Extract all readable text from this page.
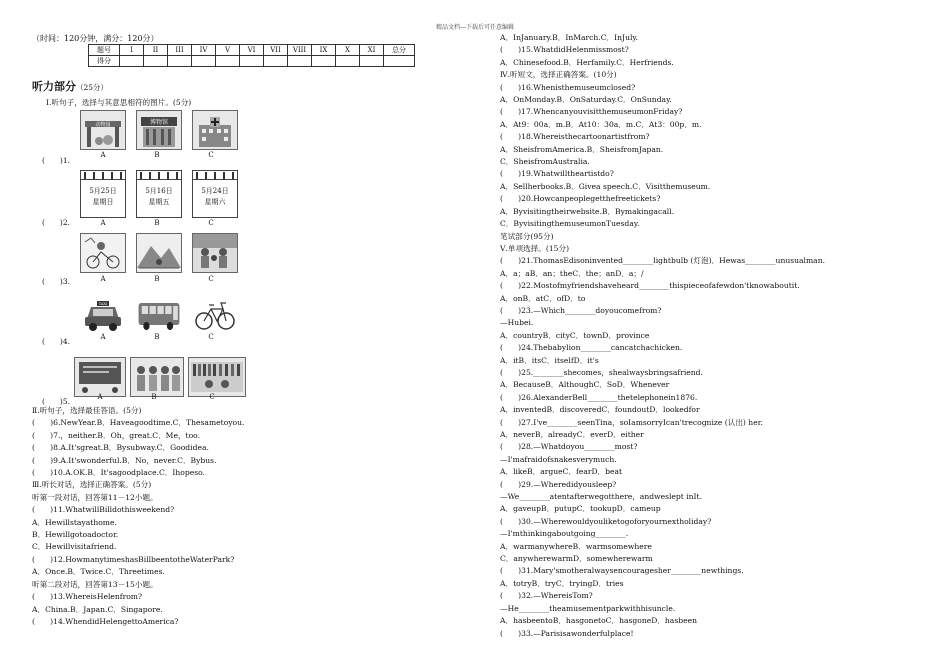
精品文档---下载后可任意编辑
（时间：120分钟，满分：120分）
题号	I	II	III	IV	V	VI	VII	VIII	IX	X	XI	总分
得分												
听力部分（25分）
Ⅰ.听句子，选择与其意思相符的图片。(5分)
(　　)1.
动物园	博物馆
A	B	C
(　　)2.
5月25日
星期日
5月16日
星期五
5月24日
星期六
A	B	C
(　　)3.	A	B	C
(　　)4.
TAXI
A	B	C
(　　)5.	A	B	C
Ⅱ.听句子，选择最佳答语。(5分)
(　　)6.NewYear.B．Haveagoodtime.C．Thesametoyou.
(　　)7.，neither.B．Oh，great.C．Me，too.
(　　)8.A.It'sgreat.B．Bysubway.C．Goodidea.
(　　)9.A.It'swonderful.B．No，never.C．Bybus.
(　　)10.A.OK.B．It'sagoodplace.C．Ihopeso.
Ⅲ.听长对话，选择正确答案。(5分)
听第一段对话，回答第11－12小题。
(　　)11.WhatwillBilldothisweekend?
A．Hewillstayathome.
B．Hewillgotoadoctor.
C．Hewillvisitafriend.
(　　)12.HowmanytimeshasBillbeentotheWaterPark?
A．Once.B．Twice.C．Threetimes.
听第二段对话，回答第13－15小题。
(　　)13.WhereisHelenfrom?
A．China.B．Japan.C．Singapore.
(　　)14.WhendidHelengettoAmerica?
A．InJanuary.B．InMarch.C．InJuly.
(　　)15.WhatdidHelenmissmost?
A．Chinesefood.B．Herfamily.C．Herfriends.
Ⅳ.听短文，选择正确答案。(10分)
(　　)16.Whenisthemuseumclosed?
A．OnMonday.B．OnSaturday.C．OnSunday.
(　　)17.WhencanyouvisitthemuseumonFriday?
A．At9：00a．m.B．At10：30a．m.C．At3：00p．m.
(　　)18.Whereisthecartoonartistfrom?
A．SheisfromAmerica.B．SheisfromJapan.
C．SheisfromAustralia.
(　　)19.Whatwilltheartistdo?
A．Sellherbooks.B．Givea speech.C．Visitthemuseum.
(　　)20.Howcanpeoplegetthefreetickets?
A．Byvisitingtheirwebsite.B．Bymakingacall.
C．ByvisitingthemuseumonTuesday.
笔试部分(95分)
Ⅴ.单项选择。(15分)
(　　)21.ThomasEdisoninvented________lightbulb (灯泡)．Hewas________unusualman.
A．a；aB．an；theC．the；anD．a；/
(　　)22.Mostofmyfriendshaveheard________thispieceofafewdon'tknowaboutit.
A．onB．atC．ofD．to
(　　)23.—Which________doyoucomefrom?
—Hubei.
A．countryB．cityC．townD．province
(　　)24.Thebabylion________cancatchachicken.
A．itB．itsC．itselfD．it's
(　　)25.________shecomes，shealwaysbringsafriend.
A．BecauseB．AlthoughC．SoD．Whenever
(　　)26.AlexanderBell________thetelephonein1876.
A．inventedB．discoveredC．foundoutD．lookedfor
(　　)27.I've________seenTina，soIamsorryIcan'trecognize (认出) her.
A．neverB．alreadyC．everD．either
(　　)28.—Whatdoyou________most?
—I'mafraidofsnakesverymuch.
A．likeB．argueC．fearD．beat
(　　)29.—Wheredidyousleep?
—We________atentafterwegotthere，andweslept inIt.
A．gaveupB．putupC．tookupD．cameup
(　　)30.—Wherewouldyouliketogoforyournextholiday?
—I'mthinkingaboutgoing________.
A．warmanywhereB．warmsomewhere
C．anywherewarmD．somewherewarm
(　　)31.Mary'smotheralwaysencouragesher________newthings.
A．totryB．tryC．tryingD．tries
(　　)32.—WhereisTom?
—He________theamusementparkwithhisuncle.
A．hasbeentoB．hasgonetoC．hasgoneD．hasbeen
(　　)33.—Parisisawonderfulplace!
